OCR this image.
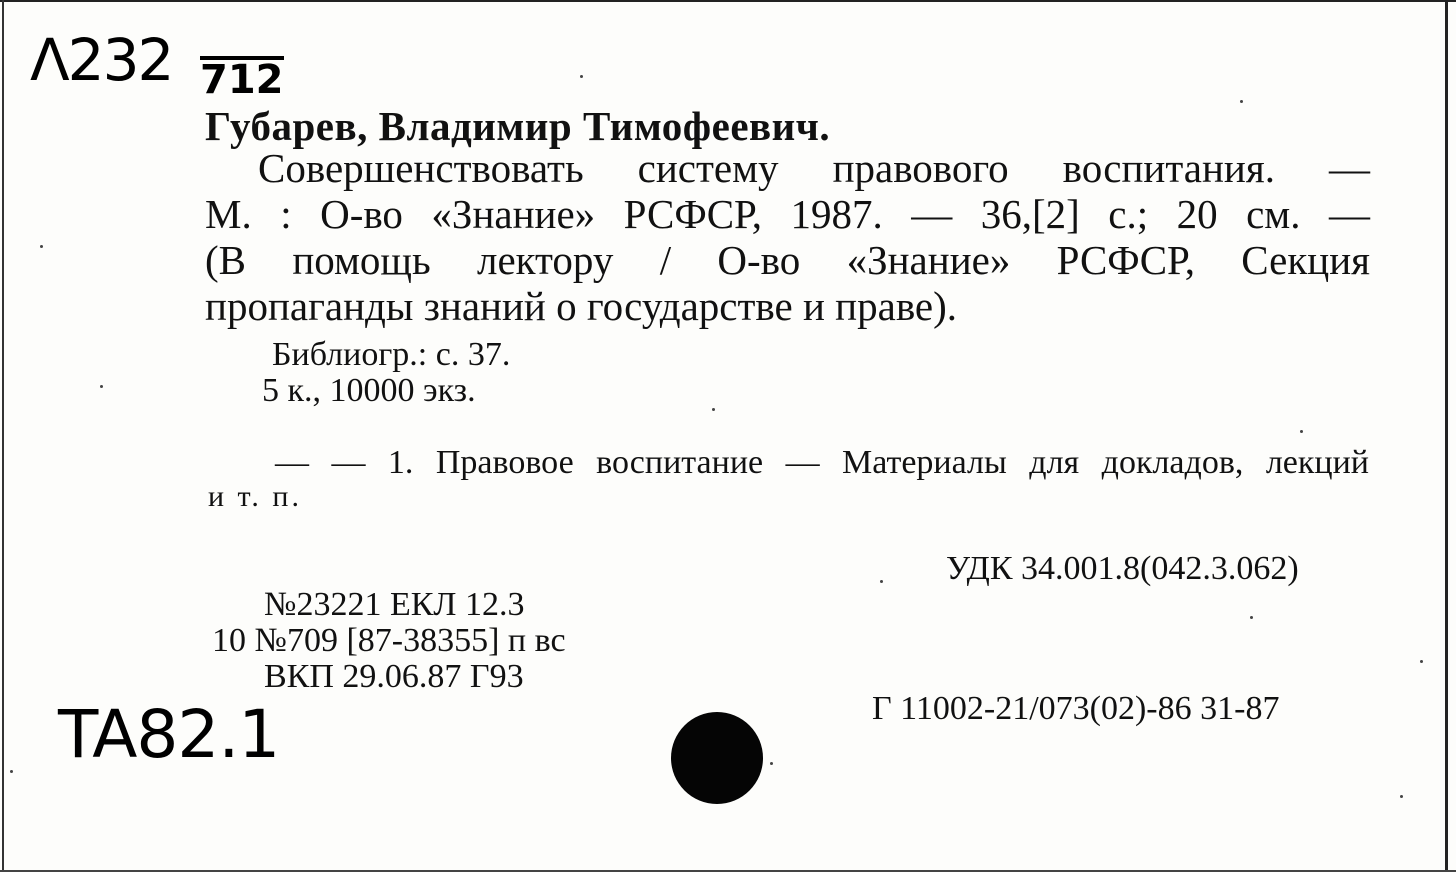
Λ232 712
Губарев, Владимир Тимофеевич.
Совершенствовать систему правового воспитания. —
М. : О-во «Знание» РСФСР, 1987. — 36,[2] с.; 20 см. —
(В помощь лектору / О-во «Знание» РСФСР, Секция
пропаганды знаний о государстве и праве).
Библиогр.: с. 37.
5 к., 10000 экз.
— — 1. Правовое воспитание — Материалы для докладов, лекций
и т. п.
УДК 34.001.8(042.3.062)
№23221 ЕКЛ 12.3
10 №709 [87-38355] п вс
ВКП 29.06.87 Г93
Г 11002-21/073(02)-86 31-87
TA82.1
